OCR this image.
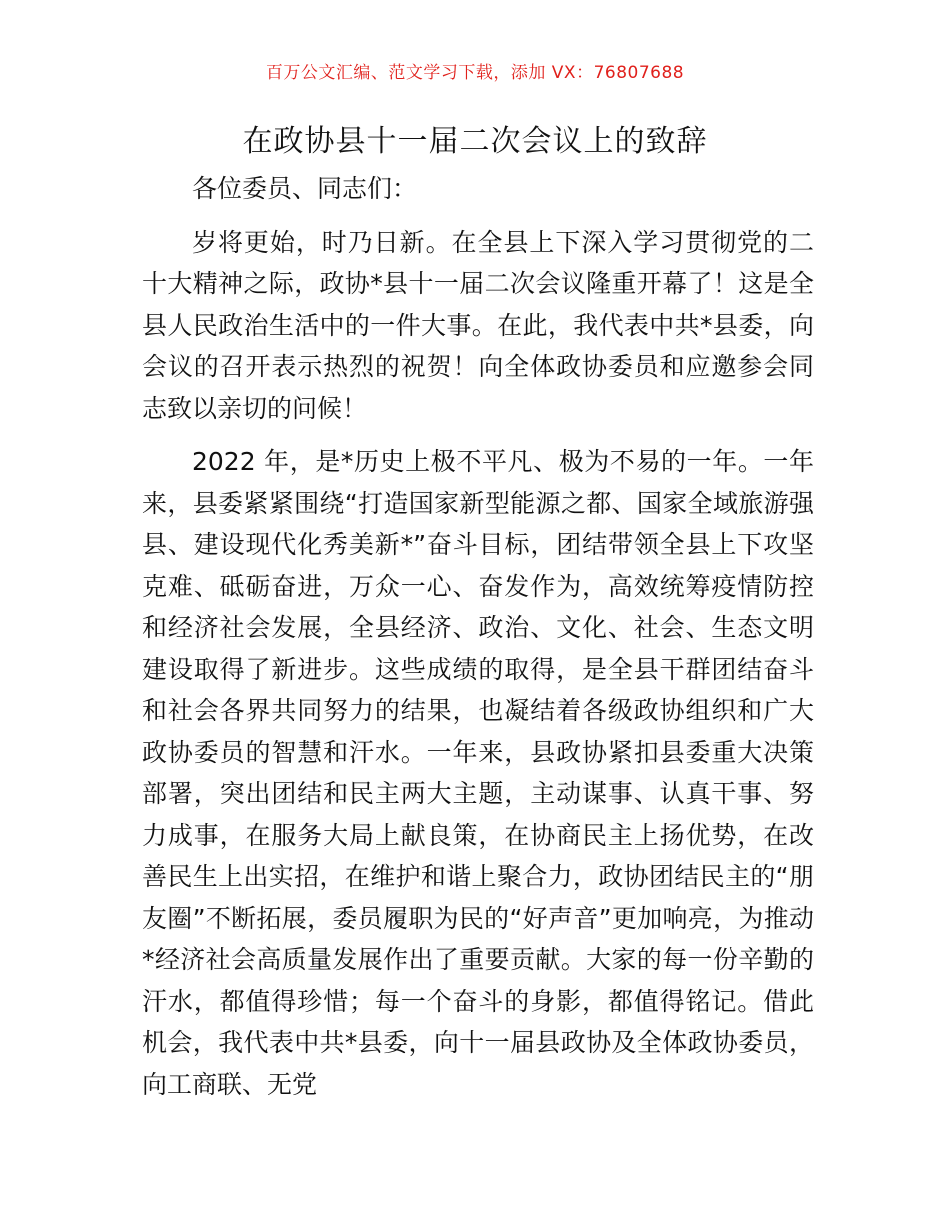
百万公文汇编、范文学习下载，添加 VX：76807688
在政协县十一届二次会议上的致辞

各位委员、同志们：

岁将更始，时乃日新。在全县上下深入学习贯彻党的二十大精神之际，政协*县十一届二次会议隆重开幕了！这是全县人民政治生活中的一件大事。在此，我代表中共*县委，向会议的召开表示热烈的祝贺！向全体政协委员和应邀参会同志致以亲切的问候！

2022 年，是*历史上极不平凡、极为不易的一年。一年来，县委紧紧围绕“打造国家新型能源之都、国家全域旅游强县、建设现代化秀美新*”奋斗目标，团结带领全县上下攻坚克难、砥砺奋进，万众一心、奋发作为，高效统筹疫情防控和经济社会发展，全县经济、政治、文化、社会、生态文明建设取得了新进步。这些成绩的取得，是全县干群团结奋斗和社会各界共同努力的结果，也凝结着各级政协组织和广大政协委员的智慧和汗水。一年来，县政协紧扣县委重大决策部署，突出团结和民主两大主题，主动谋事、认真干事、努力成事，在服务大局上献良策，在协商民主上扬优势，在改善民生上出实招，在维护和谐上聚合力，政协团结民主的“朋友圈”不断拓展，委员履职为民的“好声音”更加响亮，为推动*经济社会高质量发展作出了重要贡献。大家的每一份辛勤的汗水，都值得珍惜；每一个奋斗的身影，都值得铭记。借此机会，我代表中共*县委，向十一届县政协及全体政协委员，向工商联、无党
